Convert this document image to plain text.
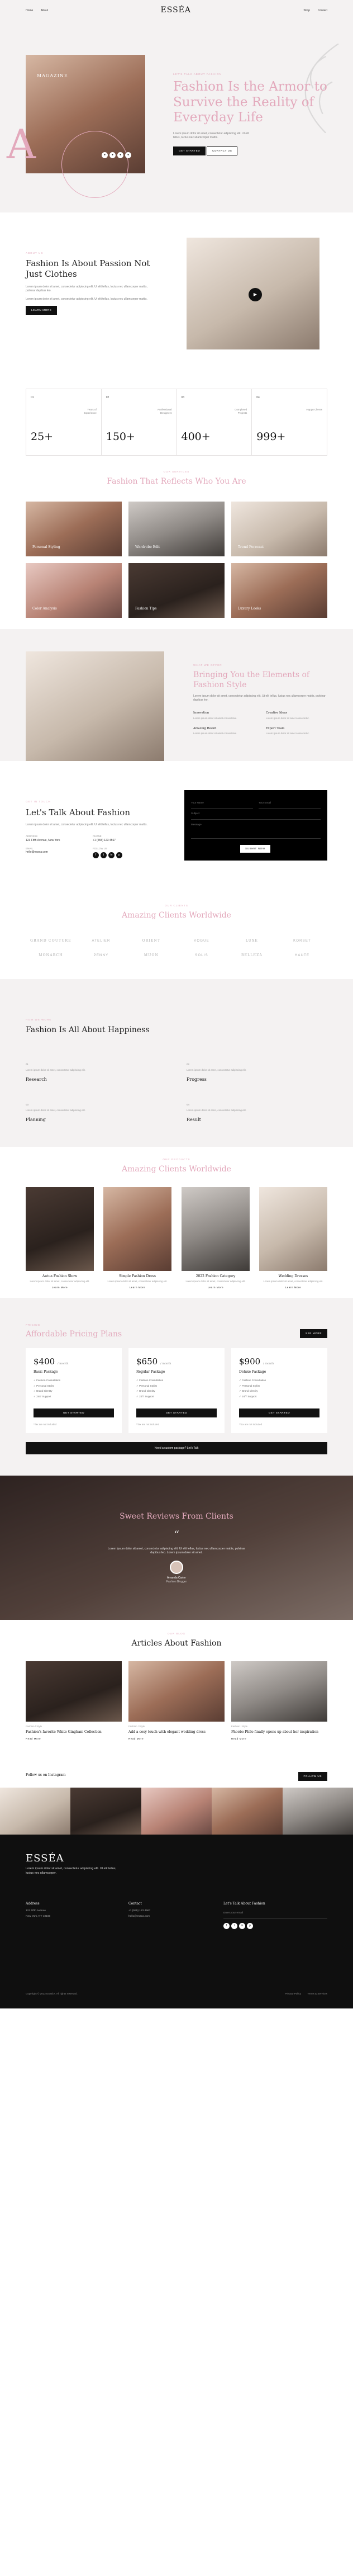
Home	About	ESSÉA	Shop	Contact
MAGAZINE
A	●	●	●	●
LET'S TALK ABOUT FASHION
Fashion Is the Armor to Survive the Reality of Everyday Life

Lorem ipsum dolor sit amet, consectetur adipiscing elit. Ut elit tellus, luctus nec ullamcorper mattis.

GET STARTED	CONTACT US
ABOUT US
Fashion Is About Passion Not Just Clothes

Lorem ipsum dolor sit amet, consectetur adipiscing elit. Ut elit tellus, luctus nec ullamcorper mattis, pulvinar dapibus leo.

Lorem ipsum dolor sit amet, consectetur adipiscing elit. Ut elit tellus, luctus nec ullamcorper mattis.

LEARN MORE
▶
01
Years of Experience
25+
02
Professional Designers
150+
03
Completed Projects
400+
04
Happy Clients
999+
OUR SERVICES
Fashion That Reflects Who You Are
Personal Styling	Wardrobe Edit	Trend Forecast
Color Analysis	Fashion Tips	Luxury Looks
WHAT WE OFFER
Bringing You the Elements of Fashion Style

Lorem ipsum dolor sit amet, consectetur adipiscing elit. Ut elit tellus, luctus nec ullamcorper mattis, pulvinar dapibus leo.

Innovation
Lorem ipsum dolor sit amet consectetur.
Creative Ideas
Lorem ipsum dolor sit amet consectetur.
Amazing Result
Lorem ipsum dolor sit amet consectetur.
Expert Team
Lorem ipsum dolor sit amet consectetur.
GET IN TOUCH
Let's Talk About Fashion

Lorem ipsum dolor sit amet, consectetur adipiscing elit. Ut elit tellus, luctus nec ullamcorper mattis.

ADDRESS
123 Fifth Avenue, New York
PHONE
+1 (555) 123 4567
EMAIL
hello@essea.com
FOLLOW US
f	t	in	p
Your Name	Your Email
Subject
Message
SUBMIT NOW
OUR CLIENTS
Amazing Clients Worldwide
GRAND COUTURE	ATELIER	ORIENT	VOGUE	LUXE	KORSET
MONARCH	PENNY	MUON	SOLIS	BELLEZA	HAUTE
HOW WE WORK
Fashion Is All About Happiness
01
Lorem ipsum dolor sit amet, consectetur adipiscing elit.
Research
02
Lorem ipsum dolor sit amet, consectetur adipiscing elit.
Progress
03
Lorem ipsum dolor sit amet, consectetur adipiscing elit.
Planning
04
Lorem ipsum dolor sit amet, consectetur adipiscing elit.
Result
OUR PRODUCTS
Amazing Clients Worldwide
Autua Fashion Show
Lorem ipsum dolor sit amet, consectetur adipiscing elit.
Learn More
Simple Fashion Dress
Lorem ipsum dolor sit amet, consectetur adipiscing elit.
Learn More
2022 Fashion Category
Lorem ipsum dolor sit amet, consectetur adipiscing elit.
Learn More
Wedding Dresses
Lorem ipsum dolor sit amet, consectetur adipiscing elit.
Learn More
PRICING
Affordable Pricing Plans	SEE MORE
$400 / month
Basic Package
✓ Fashion Consultation
✓ Personal Stylist
✓ Brand Identity
✓ 24/7 Support
GET STARTED
*Tax are not included
$650 / month
Regular Package
✓ Fashion Consultation
✓ Personal Stylist
✓ Brand Identity
✓ 24/7 Support
GET STARTED
*Tax are not included
$900 / month
Deluxe Package
✓ Fashion Consultation
✓ Personal Stylist
✓ Brand Identity
✓ 24/7 Support
GET STARTED
*Tax are not included
Need a custom package? Let's Talk
Sweet Reviews From Clients
“

Lorem ipsum dolor sit amet, consectetur adipiscing elit. Ut elit tellus, luctus nec ullamcorper mattis, pulvinar dapibus leo. Lorem ipsum dolor sit amet.

Amanda Carter
Fashion Blogger
OUR BLOG
Articles About Fashion
Fashion / Style
Fashion's favorite White Gingham Collection
Read More
Fashion / Style
Add a cosy touch with elegant wedding dress
Read More
Fashion / Style
Phoebe Philo finally opens up about her inspiration
Read More
Follow us on Instagram	FOLLOW US
ESSÉA
Lorem ipsum dolor sit amet, consectetur adipiscing elit. Ut elit tellus, luctus nec ullamcorper.
Address
123 Fifth Avenue
New York, NY 10160
Contact
+1 (555) 123 4567
hello@essea.com
Let's Talk About Fashion
Enter your email
f	t	in	p
Copyright © 2022 ESSÉA. All rights reserved.	Privacy Policy Terms & Services
